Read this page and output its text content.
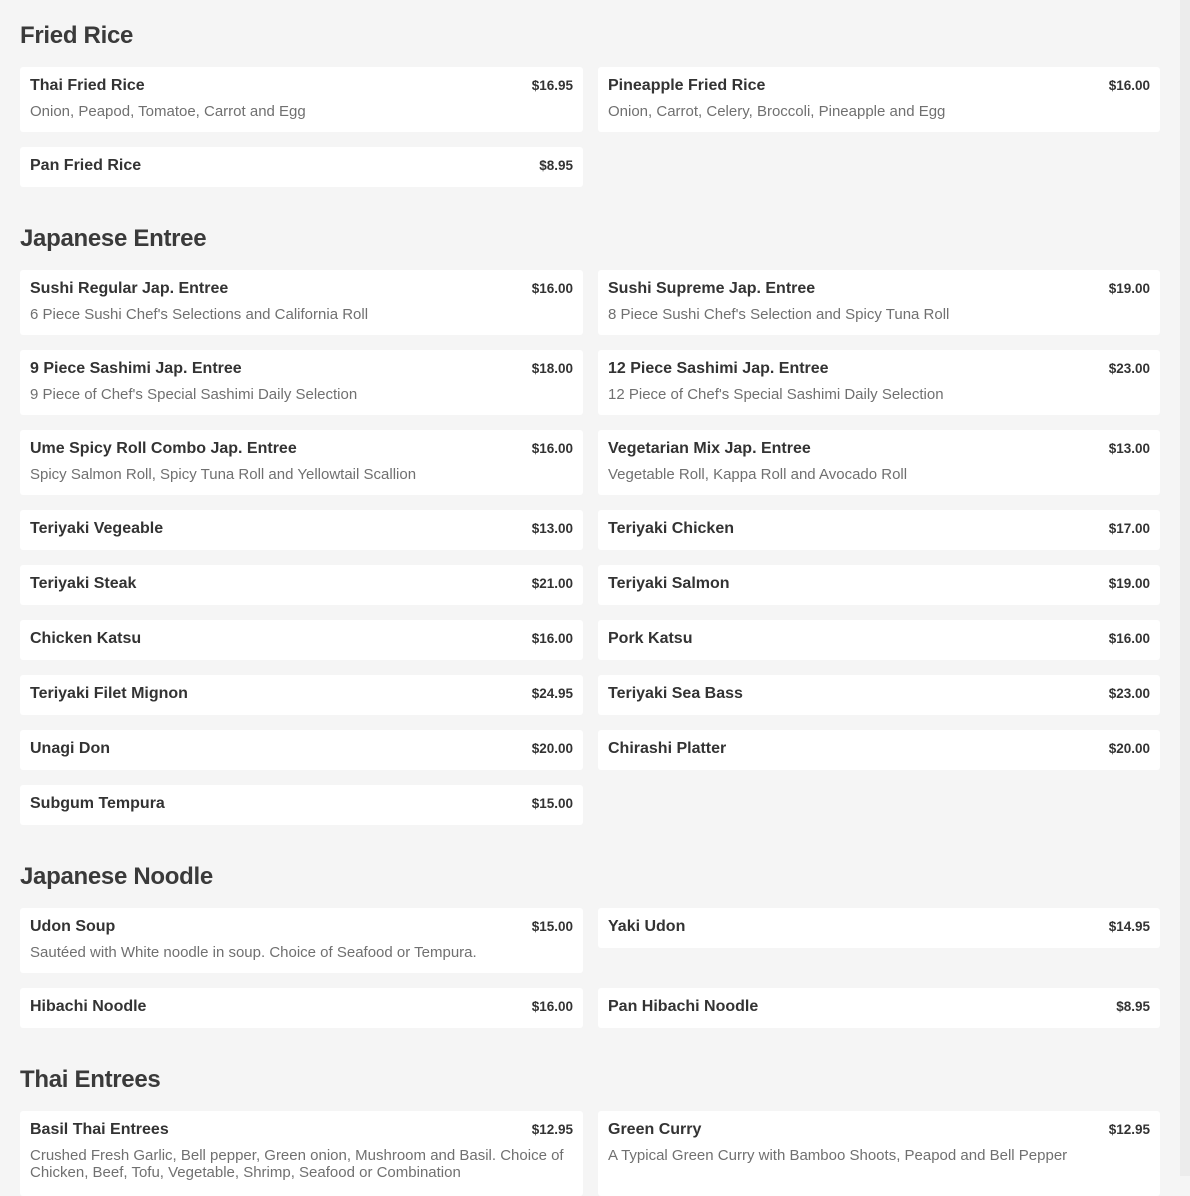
Fried Rice
Thai Fried Rice	$16.95
Onion, Peapod, Tomatoe, Carrot and Egg
Pineapple Fried Rice	$16.00
Onion, Carrot, Celery, Broccoli, Pineapple and Egg
Pan Fried Rice	$8.95
Japanese Entree
Sushi Regular Jap. Entree	$16.00
6 Piece Sushi Chef's Selections and California Roll
Sushi Supreme Jap. Entree	$19.00
8 Piece Sushi Chef's Selection and Spicy Tuna Roll
9 Piece Sashimi Jap. Entree	$18.00
9 Piece of Chef's Special Sashimi Daily Selection
12 Piece Sashimi Jap. Entree	$23.00
12 Piece of Chef's Special Sashimi Daily Selection
Ume Spicy Roll Combo Jap. Entree	$16.00
Spicy Salmon Roll, Spicy Tuna Roll and Yellowtail Scallion
Vegetarian Mix Jap. Entree	$13.00
Vegetable Roll, Kappa Roll and Avocado Roll
Teriyaki Vegeable	$13.00 Teriyaki Chicken	$17.00
Teriyaki Steak	$21.00 Teriyaki Salmon	$19.00
Chicken Katsu	$16.00 Pork Katsu	$16.00
Teriyaki Filet Mignon	$24.95 Teriyaki Sea Bass	$23.00
Unagi Don	$20.00 Chirashi Platter	$20.00
Subgum Tempura	$15.00
Japanese Noodle
Udon Soup	$15.00
Sautéed with White noodle in soup. Choice of Seafood or Tempura.
Yaki Udon	$14.95
Hibachi Noodle	$16.00 Pan Hibachi Noodle	$8.95
Thai Entrees
Basil Thai Entrees	$12.95
Crushed Fresh Garlic, Bell pepper, Green onion, Mushroom and Basil. Choice of Chicken, Beef, Tofu, Vegetable, Shrimp, Seafood or Combination
Green Curry	$12.95
A Typical Green Curry with Bamboo Shoots, Peapod and Bell Pepper
